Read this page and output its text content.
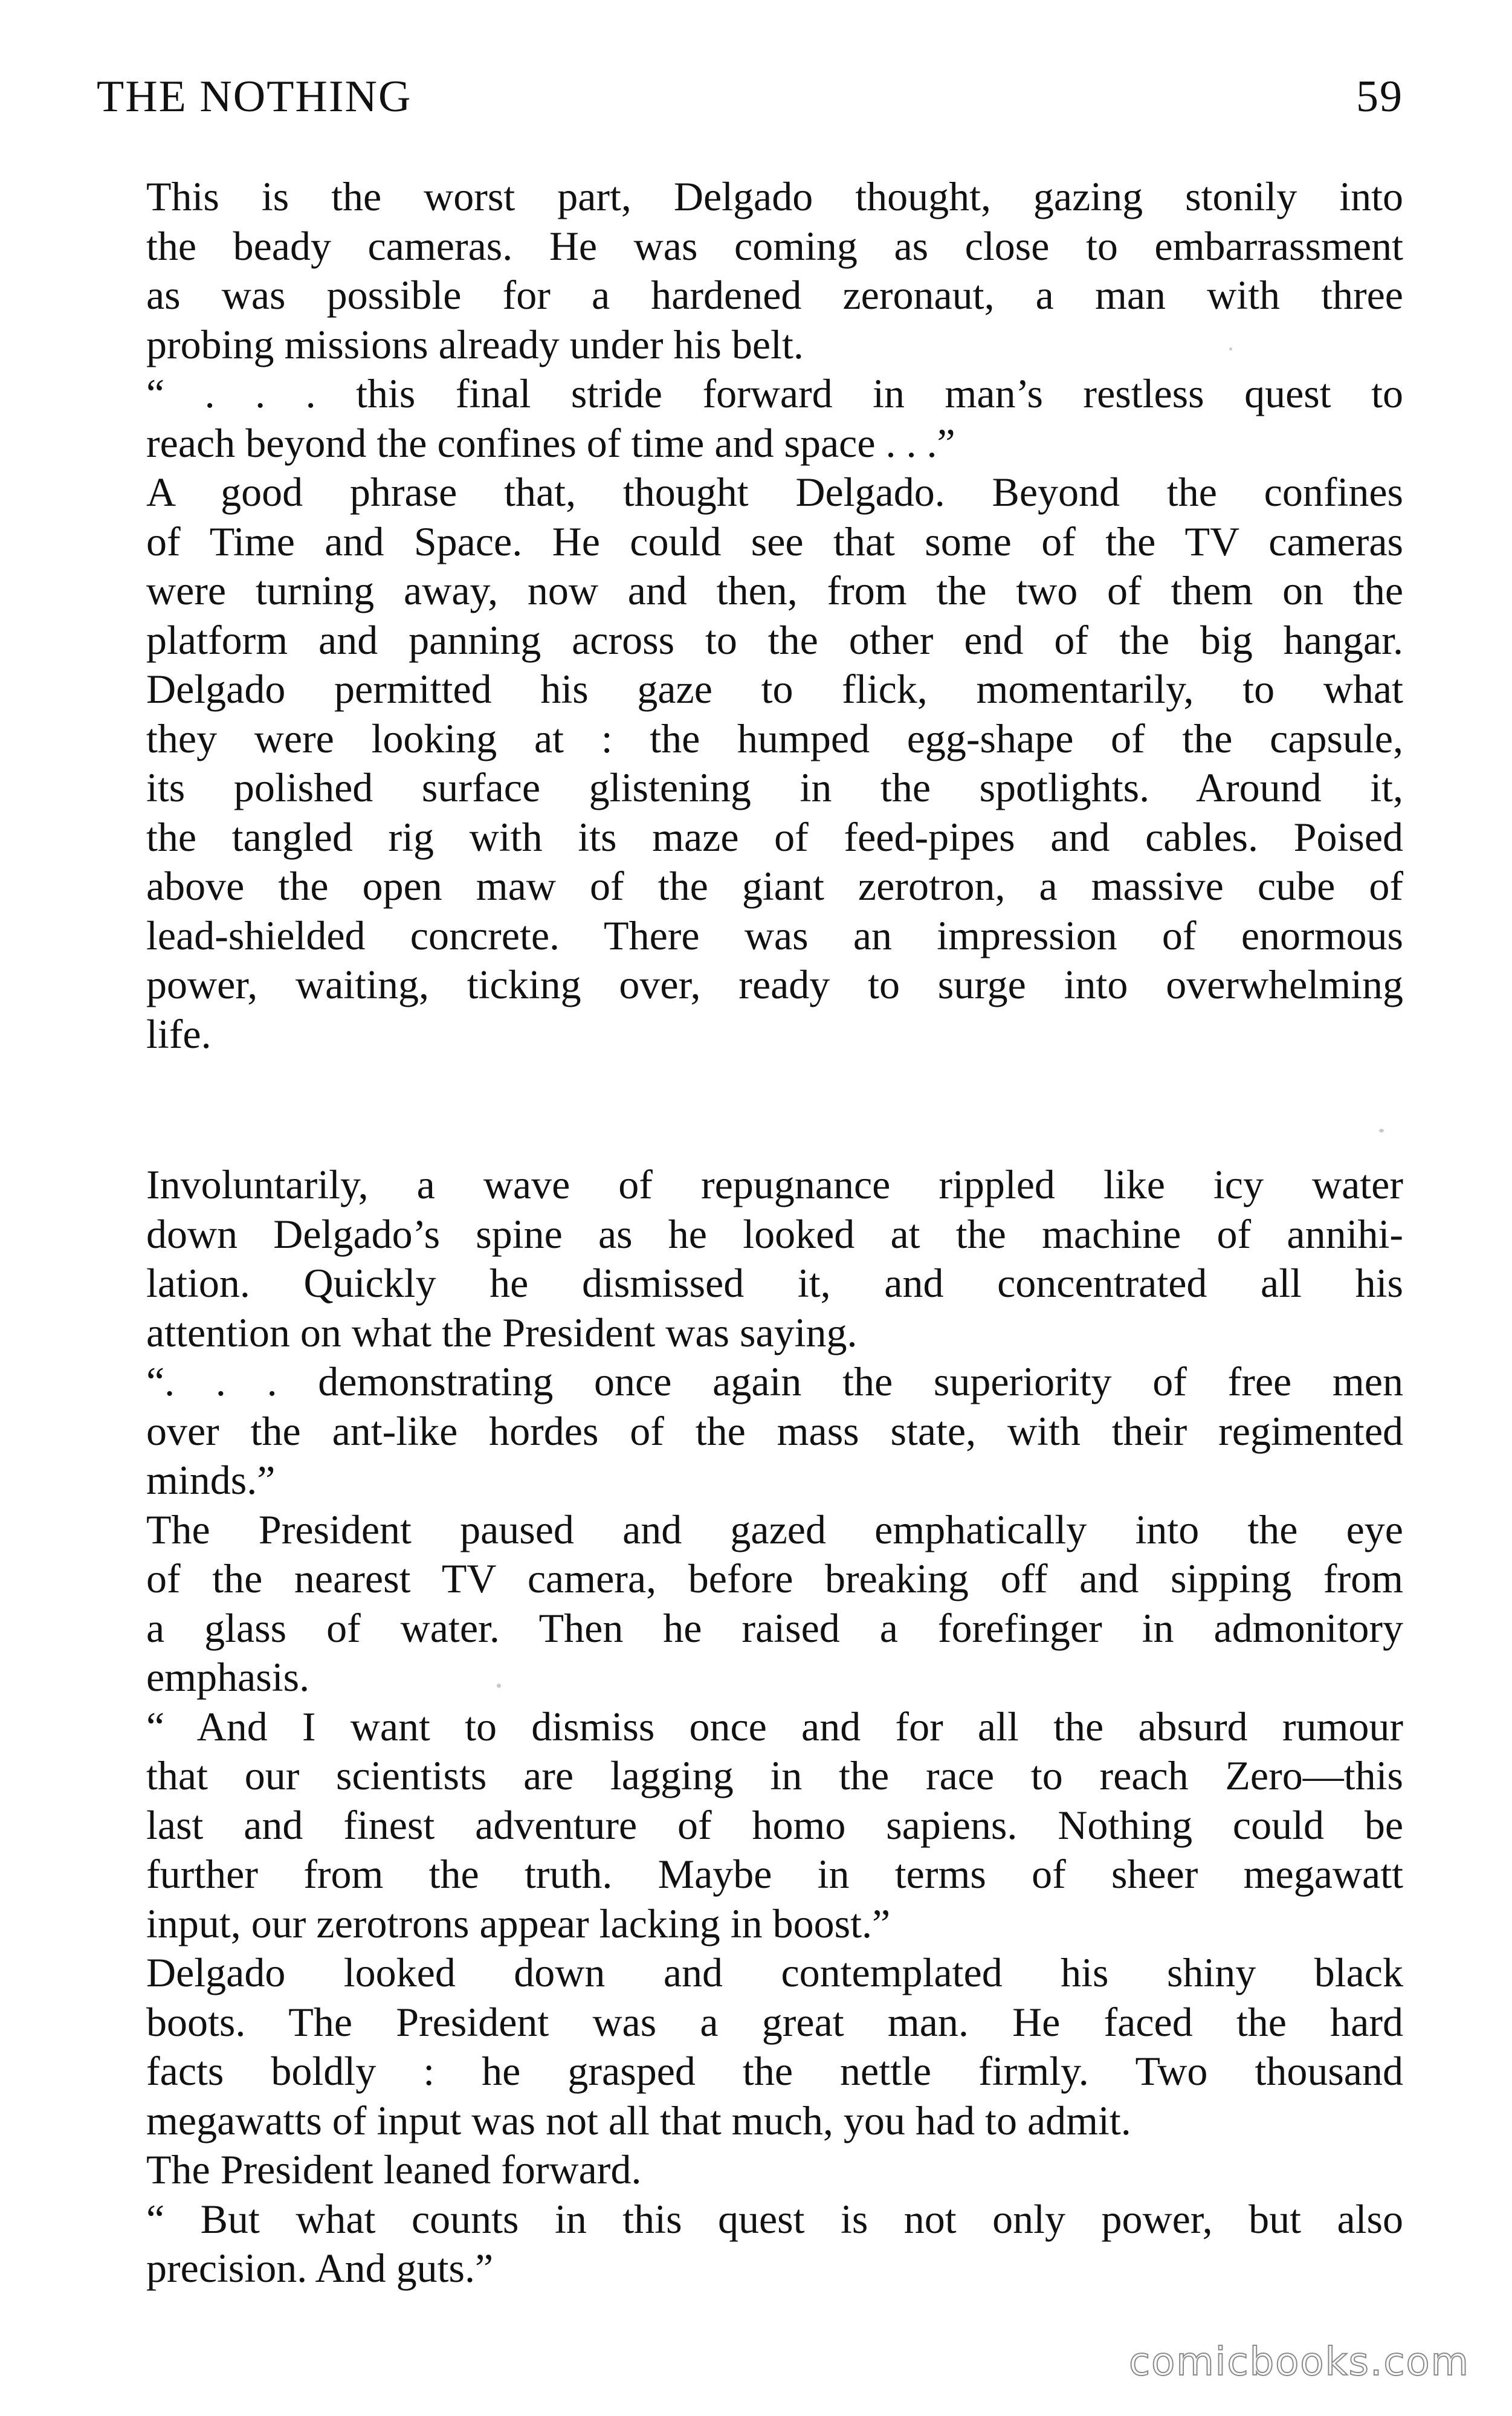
THE NOTHING	59

This is the worst part, Delgado thought, gazing stonily into
the beady cameras. He was coming as close to embarrassment
as was possible for a hardened zeronaut, a man with three
probing missions already under his belt.

“ . . . this final stride forward in man’s restless quest to
reach beyond the confines of time and space . . .”

A good phrase that, thought Delgado. Beyond the confines
of Time and Space. He could see that some of the TV cameras
were turning away, now and then, from the two of them on the
platform and panning across to the other end of the big hangar.

Delgado permitted his gaze to flick, momentarily, to what
they were looking at : the humped egg-shape of the capsule,
its polished surface glistening in the spotlights. Around it,
the tangled rig with its maze of feed-pipes and cables. Poised
above the open maw of the giant zerotron, a massive cube of
lead-shielded concrete. There was an impression of enormous
power, waiting, ticking over, ready to surge into overwhelming
life.

Involuntarily, a wave of repugnance rippled like icy water
down Delgado’s spine as he looked at the machine of annihi-
lation. Quickly he dismissed it, and concentrated all his
attention on what the President was saying.

“. . . demonstrating once again the superiority of free men
over the ant-like hordes of the mass state, with their regimented
minds.”

The President paused and gazed emphatically into the eye
of the nearest TV camera, before breaking off and sipping from
a glass of water. Then he raised a forefinger in admonitory
emphasis.

“ And I want to dismiss once and for all the absurd rumour
that our scientists are lagging in the race to reach Zero—this
last and finest adventure of homo sapiens. Nothing could be
further from the truth. Maybe in terms of sheer megawatt
input, our zerotrons appear lacking in boost.”

Delgado looked down and contemplated his shiny black
boots. The President was a great man. He faced the hard
facts boldly : he grasped the nettle firmly. Two thousand
megawatts of input was not all that much, you had to admit.

The President leaned forward.

“ But what counts in this quest is not only power, but also
precision. And guts.”

comicbooks.com
